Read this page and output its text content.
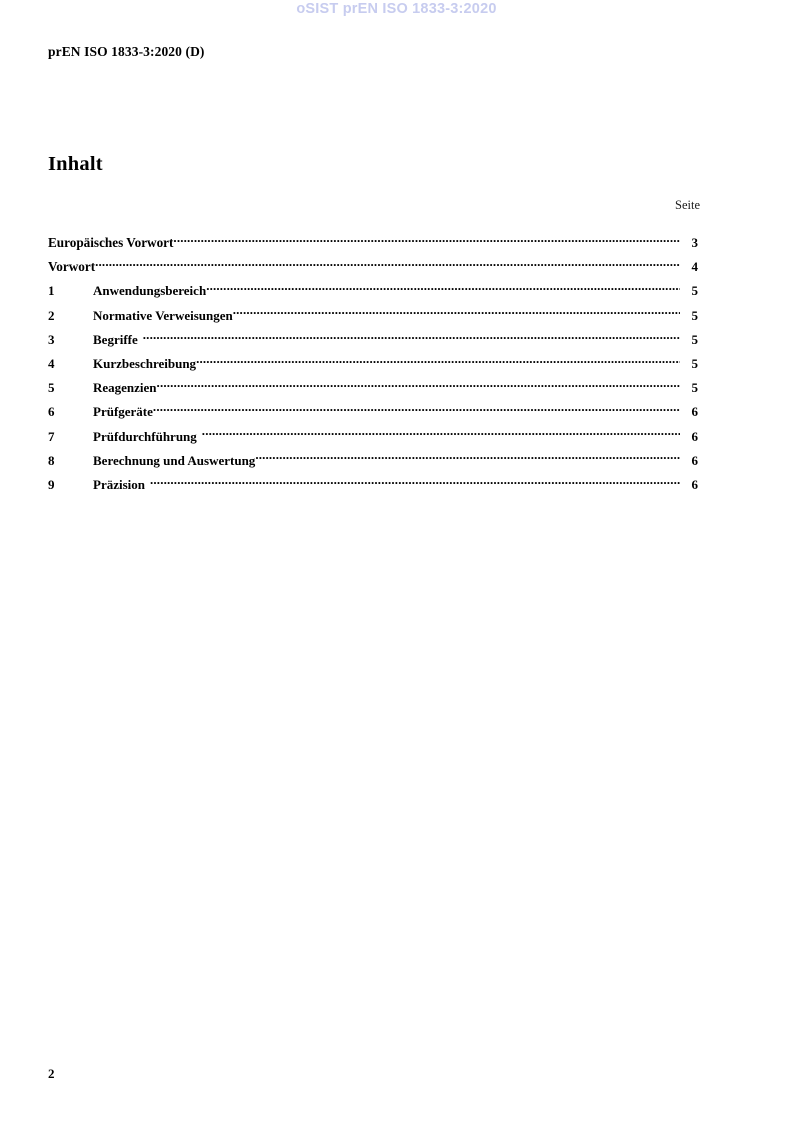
oSIST prEN ISO 1833-3:2020
prEN ISO 1833-3:2020 (D)
Inhalt
Seite
Europäisches Vorwort .....	3
Vorwort .....	4
1	Anwendungsbereich .....	5
2	Normative Verweisungen .....	5
3	Begriffe .....	5
4	Kurzbeschreibung .....	5
5	Reagenzien .....	5
6	Prüfgeräte .....	6
7	Prüfdurchführung .....	6
8	Berechnung und Auswertung .....	6
9	Präzision .....	6
2
